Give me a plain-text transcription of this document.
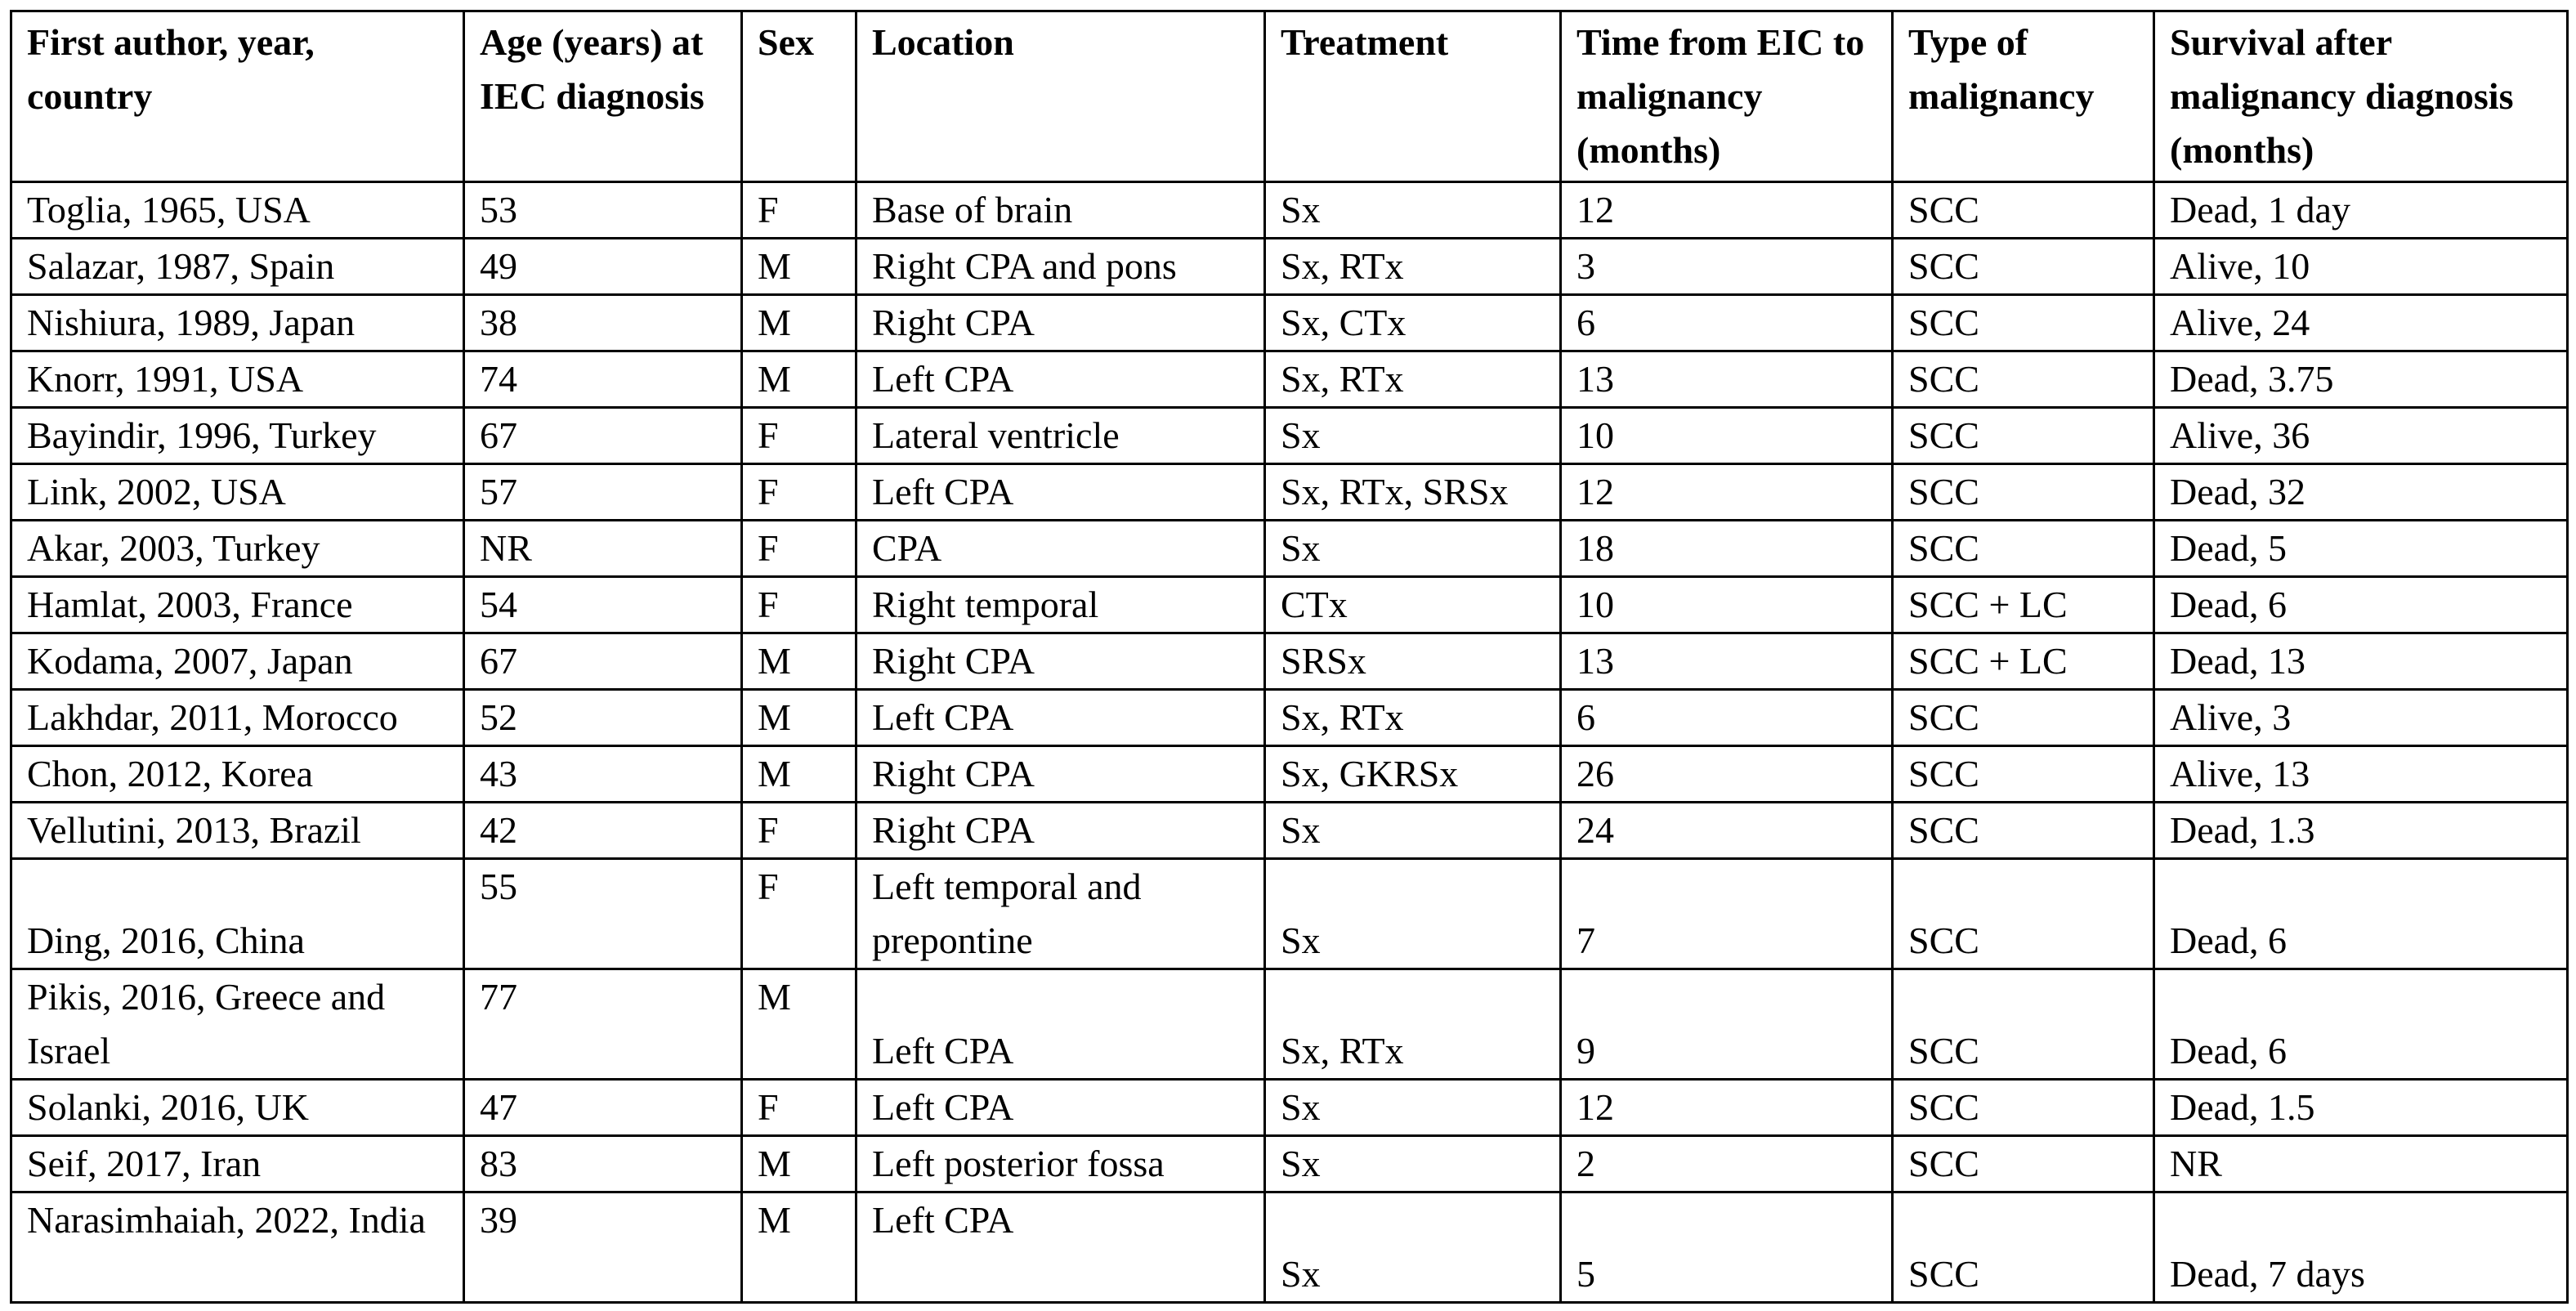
First author, year, country	Age (years) at IEC diagnosis	Sex	Location	Treatment	Time from EIC to malignancy (months)	Type of malignancy	Survival after malignancy diagnosis (months)
Toglia, 1965, USA	53	F	Base of brain	Sx	12	SCC	Dead, 1 day
Salazar, 1987, Spain	49	M	Right CPA and pons	Sx, RTx	3	SCC	Alive, 10
Nishiura, 1989, Japan	38	M	Right CPA	Sx, CTx	6	SCC	Alive, 24
Knorr, 1991, USA	74	M	Left CPA	Sx, RTx	13	SCC	Dead, 3.75
Bayindir, 1996, Turkey	67	F	Lateral ventricle	Sx	10	SCC	Alive, 36
Link, 2002, USA	57	F	Left CPA	Sx, RTx, SRSx	12	SCC	Dead, 32
Akar, 2003, Turkey	NR	F	CPA	Sx	18	SCC	Dead, 5
Hamlat, 2003, France	54	F	Right temporal	CTx	10	SCC + LC	Dead, 6
Kodama, 2007, Japan	67	M	Right CPA	SRSx	13	SCC + LC	Dead, 13
Lakhdar, 2011, Morocco	52	M	Left CPA	Sx, RTx	6	SCC	Alive, 3
Chon, 2012, Korea	43	M	Right CPA	Sx, GKRSx	26	SCC	Alive, 13
Vellutini, 2013, Brazil	42	F	Right CPA	Sx	24	SCC	Dead, 1.3
Ding, 2016, China	55	F	Left temporal and prepontine	Sx	7	SCC	Dead, 6
Pikis, 2016, Greece and Israel	77	M	Left CPA	Sx, RTx	9	SCC	Dead, 6
Solanki, 2016, UK	47	F	Left CPA	Sx	12	SCC	Dead, 1.5
Seif, 2017, Iran	83	M	Left posterior fossa	Sx	2	SCC	NR
Narasimhaiah, 2022, India	39	M	Left CPA	Sx	5	SCC	Dead, 7 days
